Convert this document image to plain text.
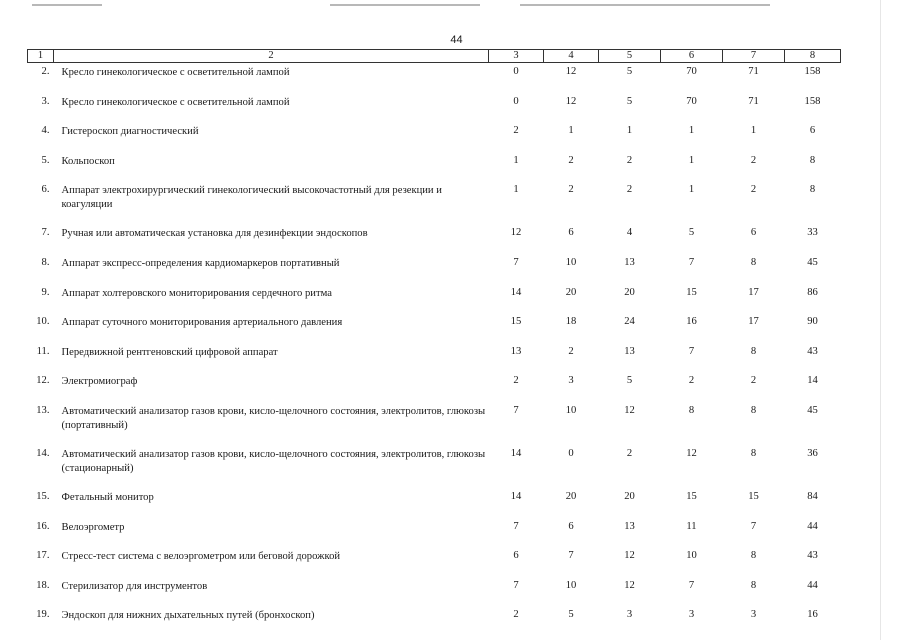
44
1	2	3	4	5	6	7	8
2.	Кресло гинекологическое с осветительной лампой	0	12	5	70	71	158
3.	Кресло гинекологическое с осветительной лампой	0	12	5	70	71	158
4.	Гистероскоп диагностический	2	1	1	1	1	6
5.	Кольпоскоп	1	2	2	1	2	8
6.	Аппарат электрохирургический гинекологический высокочастотный для резекции и коагуляции	1	2	2	1	2	8
7.	Ручная или автоматическая установка для дезинфекции эндоскопов	12	6	4	5	6	33
8.	Аппарат экспресс-определения кардиомаркеров портативный	7	10	13	7	8	45
9.	Аппарат холтеровского мониторирования сердечного ритма	14	20	20	15	17	86
10.	Аппарат суточного мониторирования артериального давления	15	18	24	16	17	90
11.	Передвижной рентгеновский цифровой аппарат	13	2	13	7	8	43
12.	Электромиограф	2	3	5	2	2	14
13.	Автоматический анализатор газов крови, кисло-щелочного состояния, электролитов, глюкозы (портативный)	7	10	12	8	8	45
14.	Автоматический анализатор газов крови, кисло-щелочного состояния, электролитов, глюкозы (стационарный)	14	0	2	12	8	36
15.	Фетальный монитор	14	20	20	15	15	84
16.	Велоэргометр	7	6	13	11	7	44
17.	Стресс-тест система с велоэргометром или беговой дорожкой	6	7	12	10	8	43
18.	Стерилизатор для инструментов	7	10	12	7	8	44
19.	Эндоскоп для нижних дыхательных путей (бронхоскоп)	2	5	3	3	3	16
